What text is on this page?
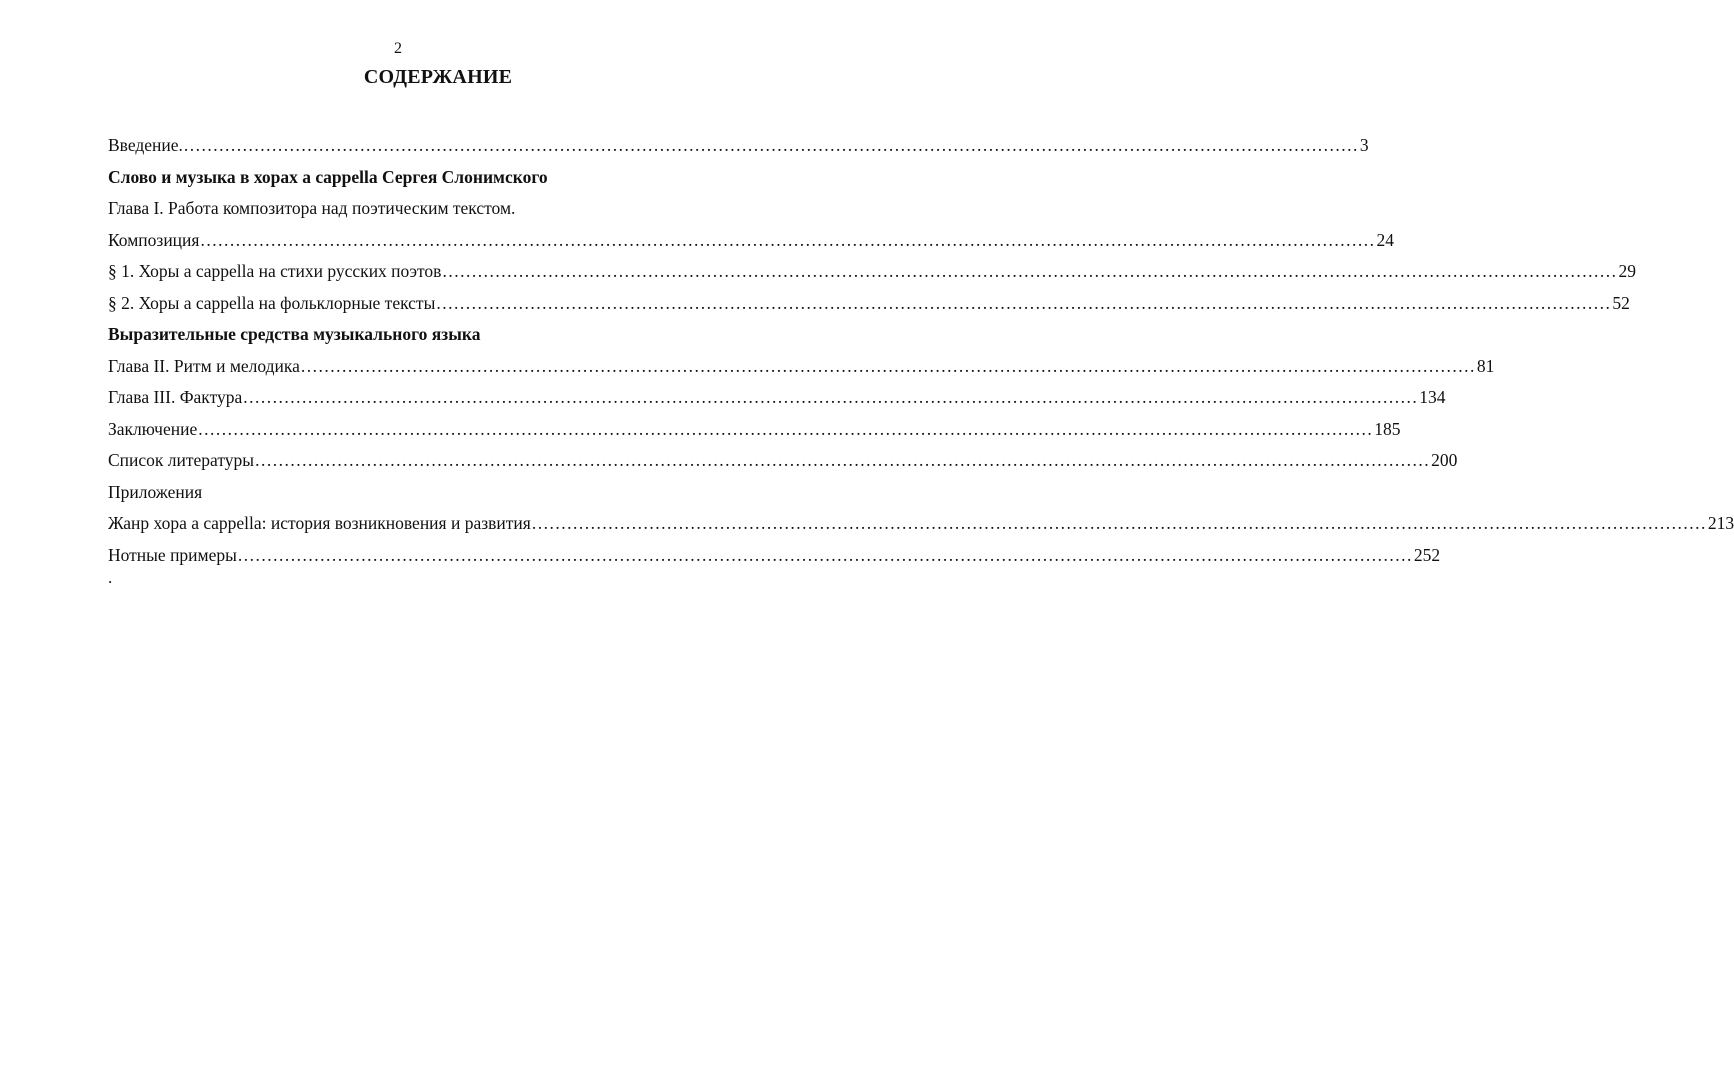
2
СОДЕРЖАНИЕ
Введение. ........................................................................................................................................................................................................ 3
Слово и музыка в хорах a cappella Сергея Слонимского
Глава I. Работа композитора над поэтическим текстом.
Композиция ........................................................................................................................................................................................................ 24
§ 1. Хоры a cappella на стихи русских поэтов ........................................................................................................................................................................................................ 29
§ 2. Хоры a cappella на фольклорные тексты ........................................................................................................................................................................................................ 52
Выразительные средства музыкального языка
Глава II. Ритм и мелодика ........................................................................................................................................................................................................ 81
Глава III. Фактура ........................................................................................................................................................................................................ 134
Заключение ........................................................................................................................................................................................................ 185
Список литературы ........................................................................................................................................................................................................ 200
Приложения
Жанр хора a cappella: история возникновения и развития ........................................................................................................................................................................................................ 213
Нотные примеры ........................................................................................................................................................................................................ 252
.
